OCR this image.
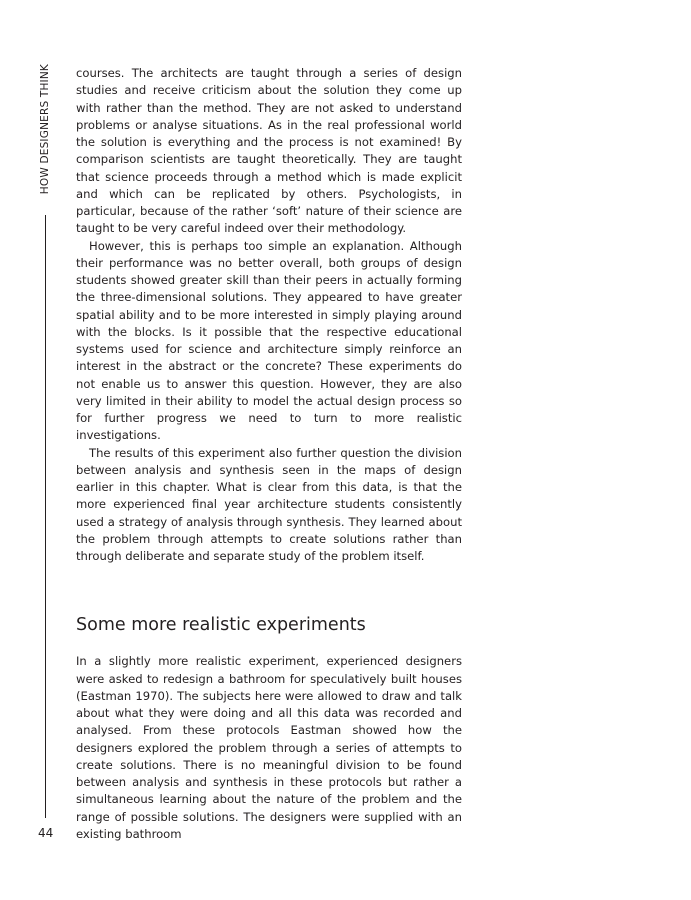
HOW DESIGNERS THINK
44

courses. The architects are taught through a series of design studies and receive criticism about the solution they come up with rather than the method. They are not asked to understand problems or analyse situations. As in the real professional world the solution is everything and the process is not examined! By comparison scientists are taught theoretically. They are taught that science proceeds through a method which is made explicit and which can be replicated by others. Psychologists, in particular, because of the rather ‘soft’ nature of their science are taught to be very careful indeed over their methodology.

However, this is perhaps too simple an explanation. Although their performance was no better overall, both groups of design students showed greater skill than their peers in actually forming the three-dimensional solutions. They appeared to have greater spatial ability and to be more interested in simply playing around with the blocks. Is it possible that the respective educational systems used for science and architecture simply reinforce an interest in the abstract or the concrete? These experiments do not enable us to answer this question. However, they are also very limited in their ability to model the actual design process so for further progress we need to turn to more realistic investigations.

The results of this experiment also further question the division between analysis and synthesis seen in the maps of design earlier in this chapter. What is clear from this data, is that the more experienced final year architecture students consistently used a strategy of analysis through synthesis. They learned about the problem through attempts to create solutions rather than through deliberate and separate study of the problem itself.

Some more realistic experiments

In a slightly more realistic experiment, experienced designers were asked to redesign a bathroom for speculatively built houses (Eastman 1970). The subjects here were allowed to draw and talk about what they were doing and all this data was recorded and analysed. From these protocols Eastman showed how the designers explored the problem through a series of attempts to create solutions. There is no meaningful division to be found between analysis and synthesis in these protocols but rather a simultaneous learning about the nature of the problem and the range of possible solutions. The designers were supplied with an existing bathroom
